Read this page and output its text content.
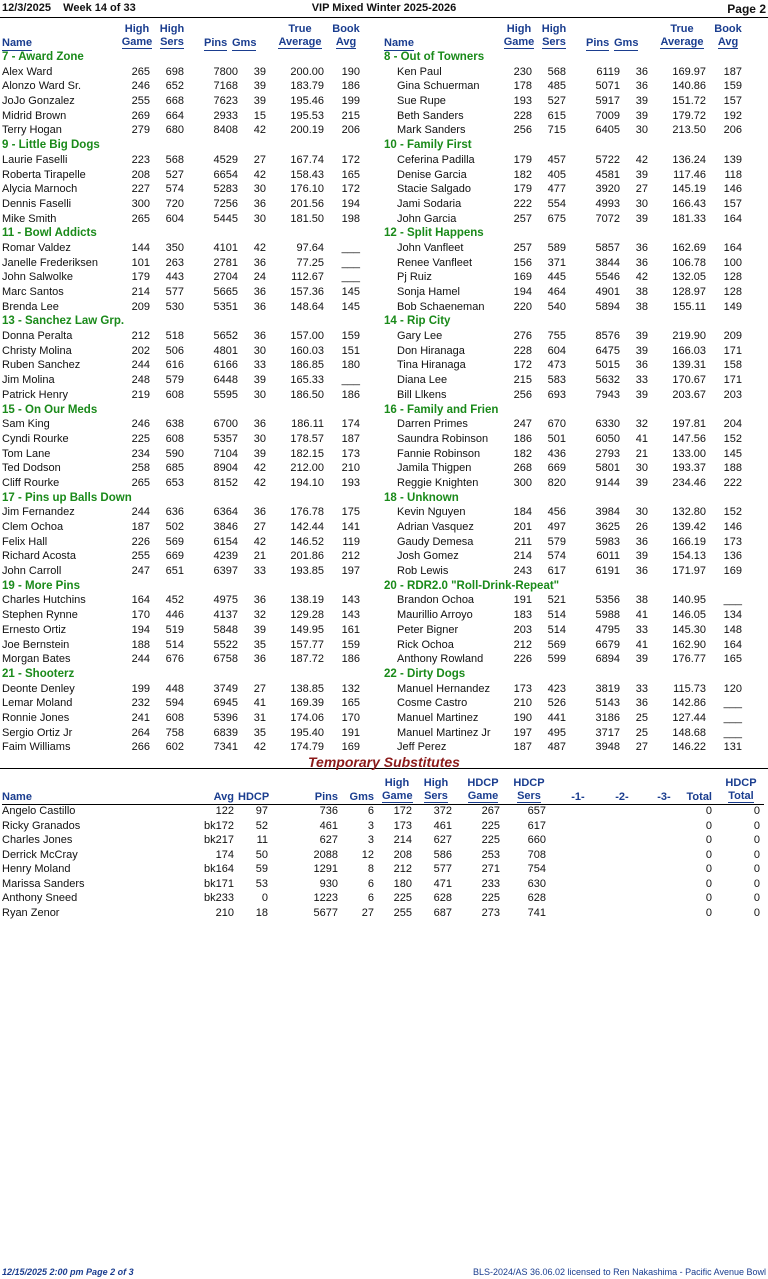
12/3/2025 Week 14 of 33	VIP Mixed Winter 2025-2026	Page 2
Name
High
Game
High
Sers Pins Gms
True
Average
Book
Avg
7 - Award Zone
Alex Ward	265	698	7800	39	200.00	190
Alonzo Ward Sr.	246	652	7168	39	183.79	186
JoJo Gonzalez	255	668	7623	39	195.46	199
Midrid Brown	269	664	2933	15	195.53	215
Terry Hogan	279	680	8408	42	200.19	206
9 - Little Big Dogs
Laurie Faselli	223	568	4529	27	167.74	172
Roberta Tirapelle	208	527	6654	42	158.43	165
Alycia Marnoch	227	574	5283	30	176.10	172
Dennis Faselli	300	720	7256	36	201.56	194
Mike Smith	265	604	5445	30	181.50	198
11 - Bowl Addicts
Romar Valdez	144	350	4101	42	97.64	___
Janelle Frederiksen	101	263	2781	36	77.25	___
John Salwolke	179	443	2704	24	112.67	___
Marc Santos	214	577	5665	36	157.36	145
Brenda Lee	209	530	5351	36	148.64	145
13 - Sanchez Law Grp.
Donna Peralta	212	518	5652	36	157.00	159
Christy Molina	202	506	4801	30	160.03	151
Ruben Sanchez	244	616	6166	33	186.85	180
Jim Molina	248	579	6448	39	165.33	___
Patrick Henry	219	608	5595	30	186.50	186
15 - On Our Meds
Sam King	246	638	6700	36	186.11	174
Cyndi Rourke	225	608	5357	30	178.57	187
Tom Lane	234	590	7104	39	182.15	173
Ted Dodson	258	685	8904	42	212.00	210
Cliff Rourke	265	653	8152	42	194.10	193
17 - Pins up Balls Down
Jim Fernandez	244	636	6364	36	176.78	175
Clem Ochoa	187	502	3846	27	142.44	141
Felix Hall	226	569	6154	42	146.52	119
Richard Acosta	255	669	4239	21	201.86	212
John Carroll	247	651	6397	33	193.85	197
19 - More Pins
Charles Hutchins	164	452	4975	36	138.19	143
Stephen Rynne	170	446	4137	32	129.28	143
Ernesto Ortiz	194	519	5848	39	149.95	161
Joe Bernstein	188	514	5522	35	157.77	159
Morgan Bates	244	676	6758	36	187.72	186
21 - Shooterz
Deonte Denley	199	448	3749	27	138.85	132
Lemar Moland	232	594	6945	41	169.39	165
Ronnie Jones	241	608	5396	31	174.06	170
Sergio Ortiz Jr	264	758	6839	35	195.40	191
Faim Williams	266	602	7341	42	174.79	169
Name
High
Game
High
Sers Pins Gms
True
Average
Book
Avg
8 - Out of Towners
Ken Paul	230	568	6119	36	169.97	187
Gina Schuerman	178	485	5071	36	140.86	159
Sue Rupe	193	527	5917	39	151.72	157
Beth Sanders	228	615	7009	39	179.72	192
Mark Sanders	256	715	6405	30	213.50	206
10 - Family First
Ceferina Padilla	179	457	5722	42	136.24	139
Denise Garcia	182	405	4581	39	117.46	118
Stacie Salgado	179	477	3920	27	145.19	146
Jami Sodaria	222	554	4993	30	166.43	157
John Garcia	257	675	7072	39	181.33	164
12 - Split Happens
John Vanfleet	257	589	5857	36	162.69	164
Renee Vanfleet	156	371	3844	36	106.78	100
Pj Ruiz	169	445	5546	42	132.05	128
Sonja Hamel	194	464	4901	38	128.97	128
Bob Schaeneman	220	540	5894	38	155.11	149
14 - Rip City
Gary Lee	276	755	8576	39	219.90	209
Don Hiranaga	228	604	6475	39	166.03	171
Tina Hiranaga	172	473	5015	36	139.31	158
Diana Lee	215	583	5632	33	170.67	171
Bill Llkens	256	693	7943	39	203.67	203
16 - Family and Frien
Darren Primes	247	670	6330	32	197.81	204
Saundra Robinson	186	501	6050	41	147.56	152
Fannie Robinson	182	436	2793	21	133.00	145
Jamila Thigpen	268	669	5801	30	193.37	188
Reggie Knighten	300	820	9144	39	234.46	222
18 - Unknown
Kevin Nguyen	184	456	3984	30	132.80	152
Adrian Vasquez	201	497	3625	26	139.42	146
Gaudy Demesa	211	579	5983	36	166.19	173
Josh Gomez	214	574	6011	39	154.13	136
Rob Lewis	243	617	6191	36	171.97	169
20 - RDR2.0 "Roll-Drink-Repeat"
Brandon Ochoa	191	521	5356	38	140.95	___
Maurillio Arroyo	183	514	5988	41	146.05	134
Peter Bigner	203	514	4795	33	145.30	148
Rick Ochoa	212	569	6679	41	162.90	164
Anthony Rowland	226	599	6894	39	176.77	165
22 - Dirty Dogs
Manuel Hernandez	173	423	3819	33	115.73	120
Cosme Castro	210	526	5143	36	142.86	___
Manuel Martinez	190	441	3186	25	127.44	___
Manuel Martinez Jr	197	495	3717	25	148.68	___
Jeff Perez	187	487	3948	27	146.22	131
Temporary Substitutes
Name	Avg HDCP	Pins	Gms	Total
High
Game
High
Sers
HDCP
Game
HDCP
Sers
HDCP
Total
-1-	-2-	-3-
Angelo Castillo	122	97	736	6	172	372	267	657	0	0
Ricky Granados	bk172	52	461	3	173	461	225	617	0	0
Charles Jones	bk217	11	627	3	214	627	225	660	0	0
Derrick McCray	174	50	2088	12	208	586	253	708	0	0
Henry Moland	bk164	59	1291	8	212	577	271	754	0	0
Marissa Sanders	bk171	53	930	6	180	471	233	630	0	0
Anthony Sneed	bk233	0	1223	6	225	628	225	628	0	0
Ryan Zenor	210	18	5677	27	255	687	273	741	0	0
12/15/2025 2:00 pm Page 2 of 3	BLS-2024/AS 36.06.02 licensed to Ren Nakashima - Pacific Avenue Bowl
